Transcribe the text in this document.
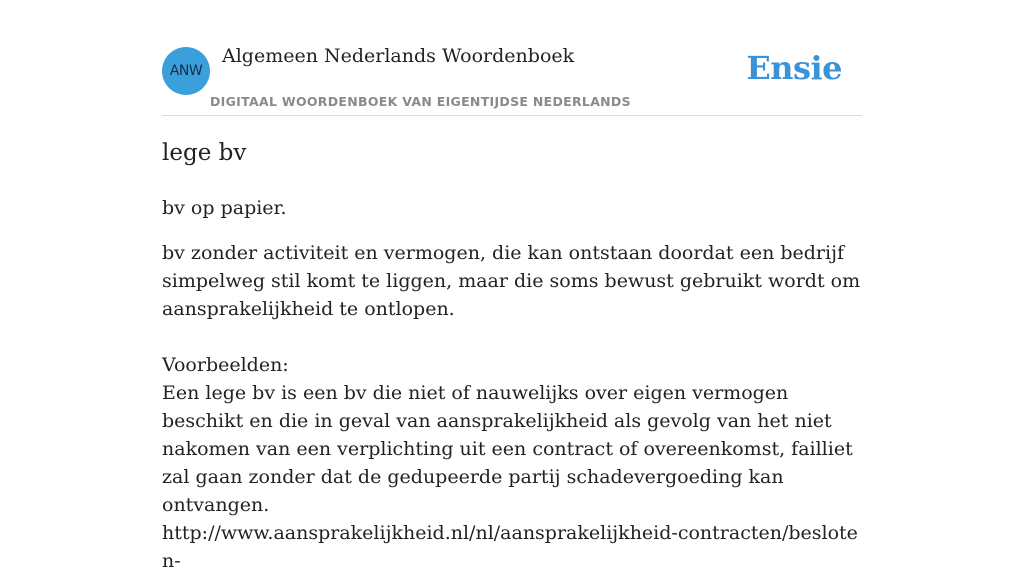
ANW
Algemeen Nederlands Woordenboek
DIGITAAL WOORDENBOEK VAN EIGENTIJDSE NEDERLANDS
Ensie
lege bv
bv op papier.

bv zonder activiteit en vermogen, die kan ontstaan doordat een bedrijf simpelweg stil komt te liggen, maar die soms bewust gebruikt wordt om aansprakelijkheid te ontlopen.

Voorbeelden:

Een lege bv is een bv die niet of nauwelijks over eigen vermogen beschikt en die in geval van aansprakelijkheid als gevolg van het niet nakomen van een verplichting uit een contract of overeenkomst, failliet zal gaan zonder dat de gedupeerde partij schadevergoeding kan ontvangen.

http://www.aansprakelijkheid.nl/nl/aansprakelijkheid-contracten/besloten-
